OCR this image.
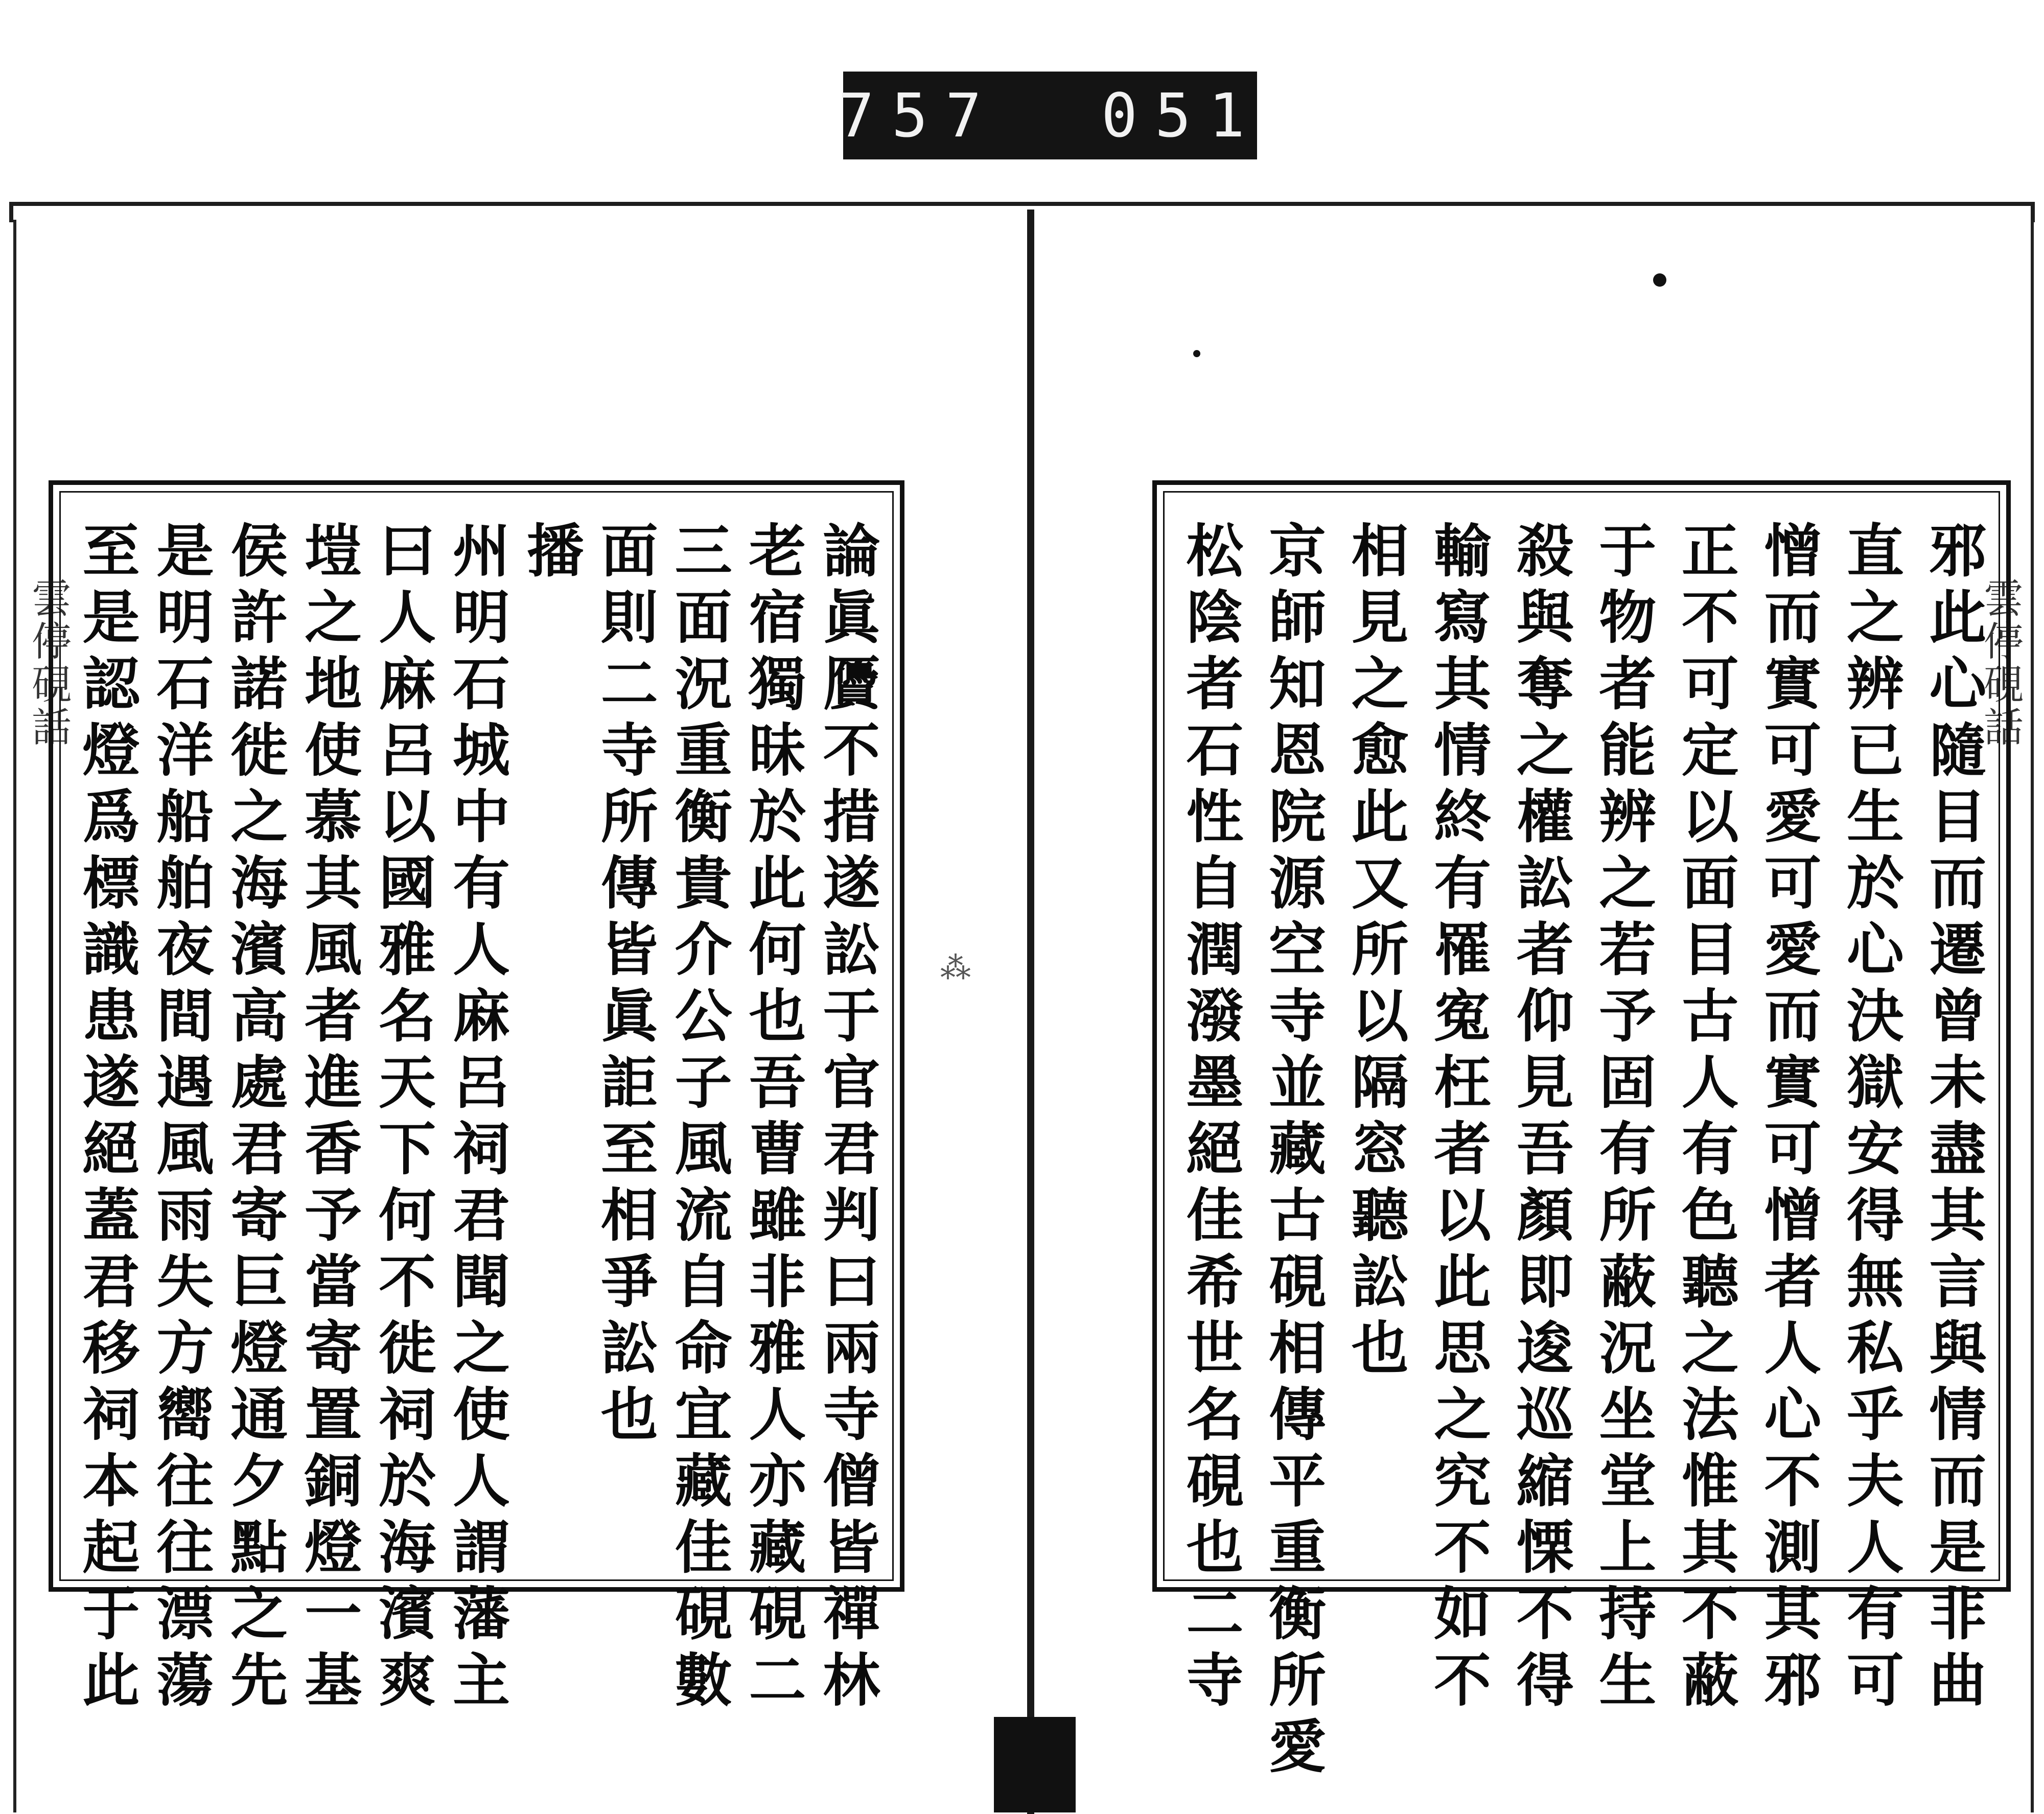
757 051
雲停硯話	雲停硯話
論眞贗不措遂訟于官君判曰兩寺僧皆禪林
老宿獨昧於此何也吾曹雖非雅人亦藏硯二
三面況重衡貴介公子風流自命宜藏佳硯數
面則二寺所傳皆眞詎至相爭訟也
播
州明石城中有人麻呂祠君聞之使人謂藩主
曰人麻呂以國雅名天下何不徙祠於海濱爽
塏之地使慕其風者進香予當寄置銅燈一基
侯許諾徙之海濱高處君寄巨燈通夕點之先
是明石洋船舶夜間遇風雨失方嚮往往漂蕩
至是認燈爲標識患遂絕蓋君移祠本起于此	邪此心隨目而遷曾未盡其言與情而是非曲
直之辨已生於心決獄安得無私乎夫人有可
憎而實可愛可愛而實可憎者人心不測其邪
正不可定以面目古人有色聽之法惟其不蔽
于物者能辨之若予固有所蔽況坐堂上持生
殺與奪之權訟者仰見吾顏即逡巡縮慄不得
輸寫其情終有罹寃枉者以此思之究不如不
相見之愈此又所以隔窓聽訟也
京師知恩院源空寺並藏古硯相傳平重衡所愛
松陰者石性自潤潑墨絕佳希世名硯也二寺
⁂
